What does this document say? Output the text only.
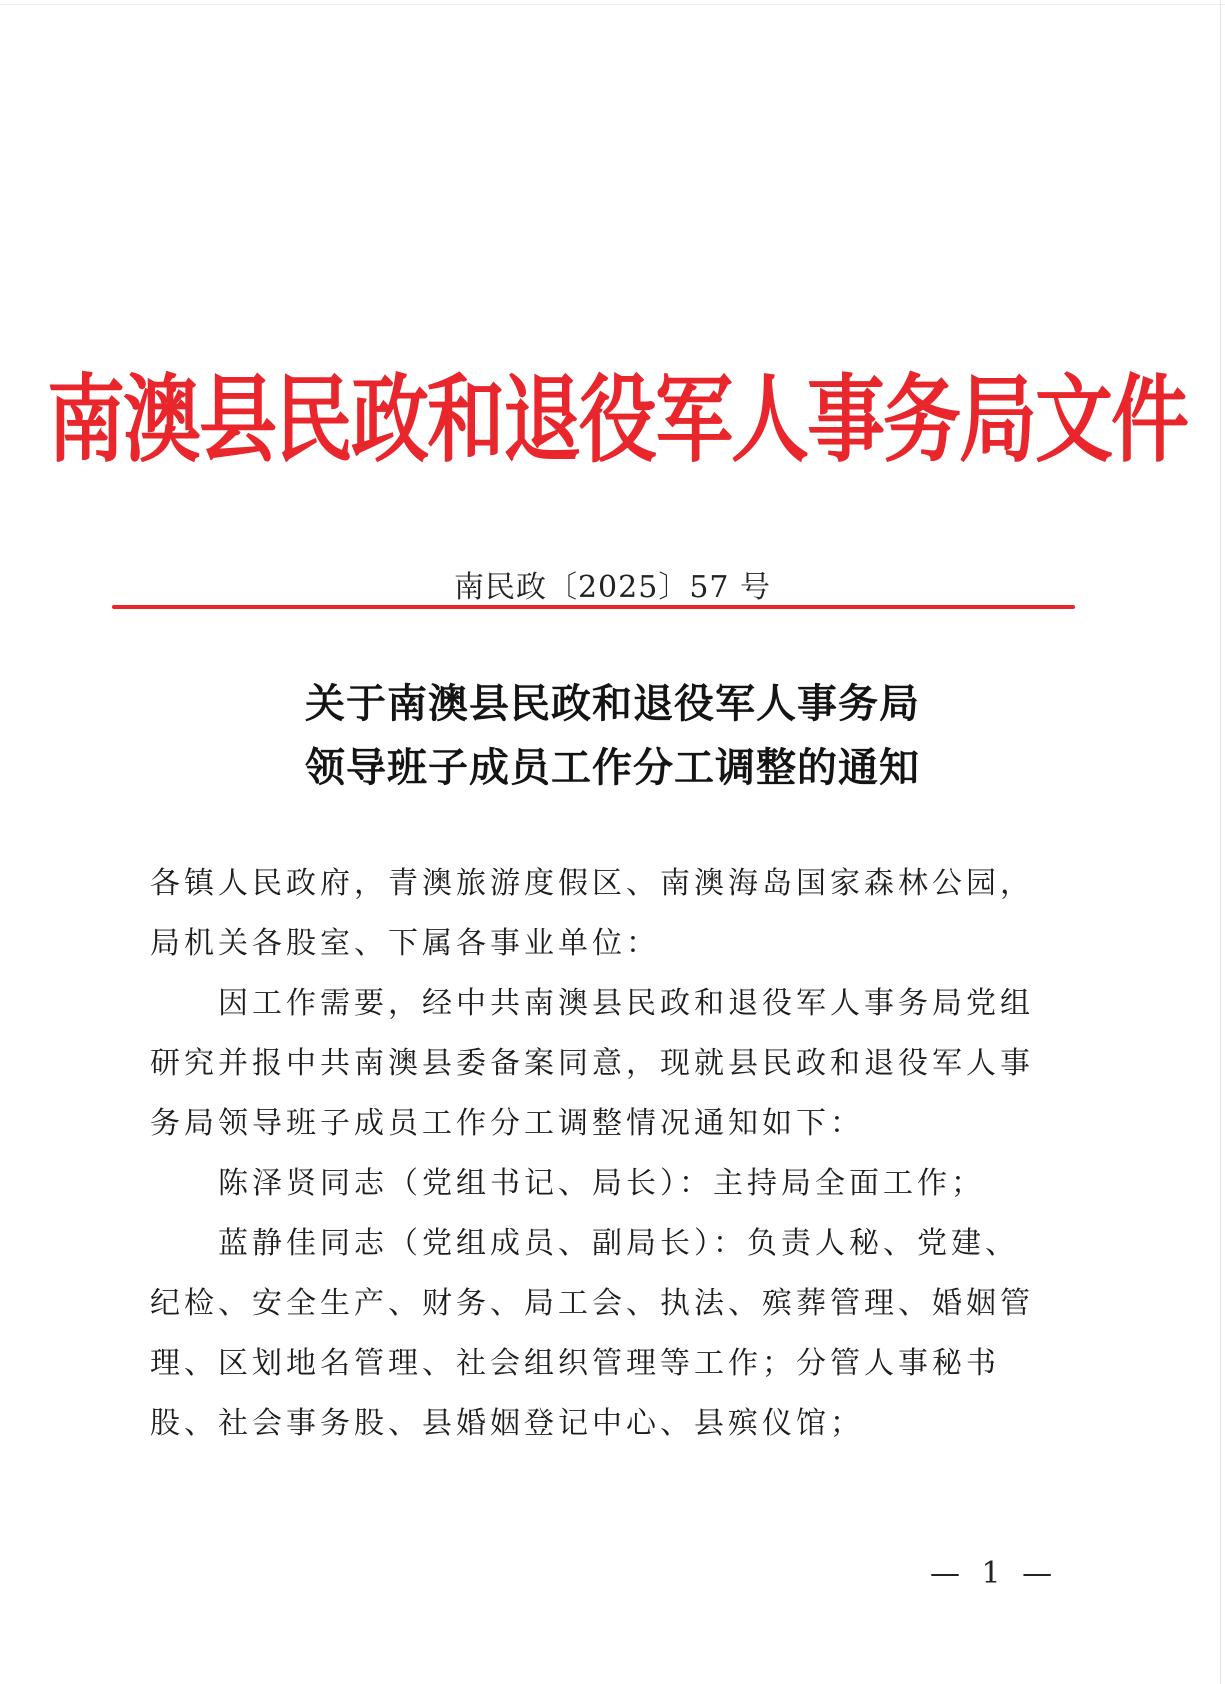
南澳县民政和退役军人事务局文件
南民政〔2025〕57 号
关于南澳县民政和退役军人事务局
领导班子成员工作分工调整的通知

各镇人民政府，青澳旅游度假区、南澳海岛国家森林公园，局机关各股室、下属各事业单位：

因工作需要，经中共南澳县民政和退役军人事务局党组研究并报中共南澳县委备案同意，现就县民政和退役军人事务局领导班子成员工作分工调整情况通知如下：

陈泽贤同志（党组书记、局长）：主持局全面工作；

蓝静佳同志（党组成员、副局长）：负责人秘、党建、纪检、安全生产、财务、局工会、执法、殡葬管理、婚姻管理、区划地名管理、社会组织管理等工作；分管人事秘书股、社会事务股、县婚姻登记中心、县殡仪馆；

— 1 —
